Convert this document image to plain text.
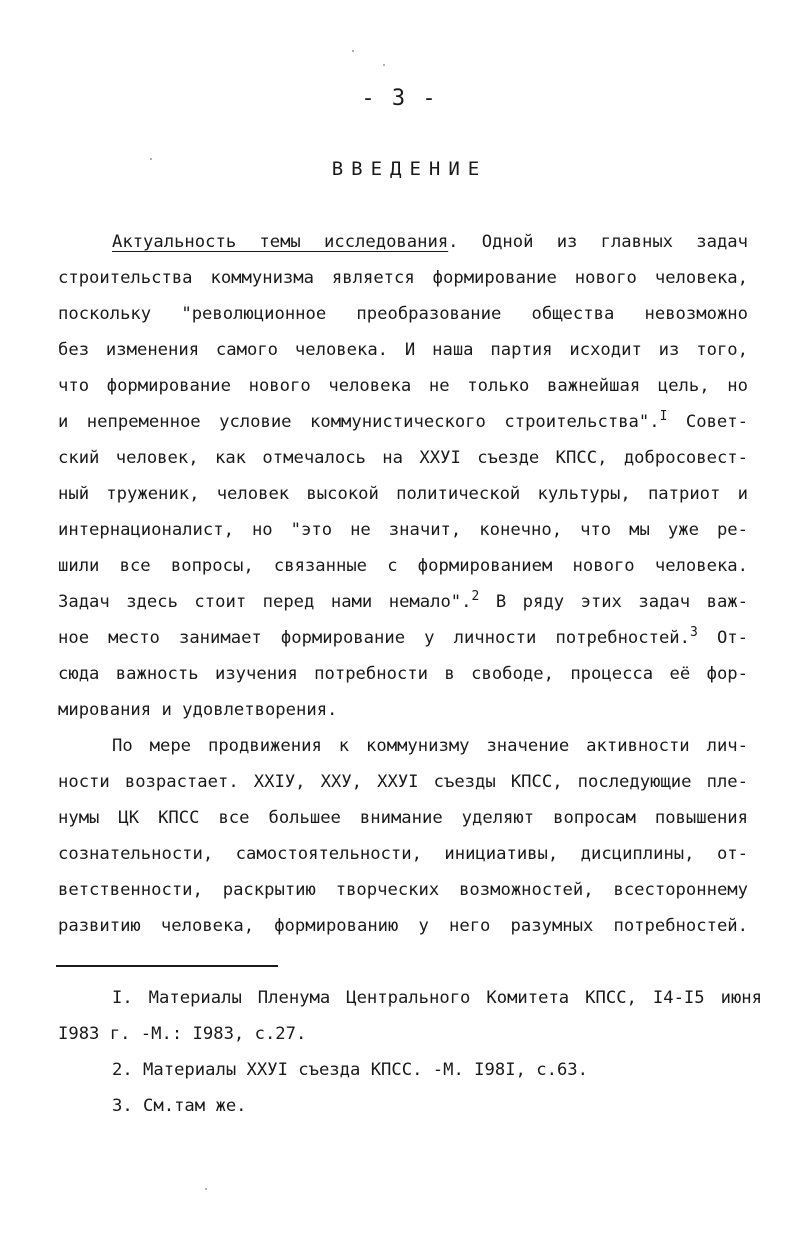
- 3 -
ВВЕДЕНИЕ
Актуальность темы исследования. Одной из главных задач
строительства коммунизма является формирование нового человека,
поскольку "революционное преобразование общества невозможно
без изменения самого человека. И наша партия исходит из того,
что формирование нового человека не только важнейшая цель, но
и непременное условие коммунистического строительства".$^I$ Совет-
ский человек, как отмечалось на XXУI съезде КПСС, добросовест-
ный труженик, человек высокой политической культуры, патриот и
интернационалист, но "это не значит, конечно, что мы уже ре-
шили все вопросы, связанные с формированием нового человека.
Задач здесь стоит перед нами немало".$^2$ В ряду этих задач важ-
ное место занимает формирование у личности потребностей.$^3$ От-
сюда важность изучения потребности в свободе, процесса её фор-
мирования и удовлетворения.
По мере продвижения к коммунизму значение активности лич-
ности возрастает. XXIУ, XXУ, XXУI съезды КПСС, последующие пле-
нумы ЦК КПСС все большее внимание уделяют вопросам повышения
сознательности, самостоятельности, инициативы, дисциплины, от-
ветственности, раскрытию творческих возможностей, всестороннему
развитию человека, формированию у него разумных потребностей.
I. Материалы Пленума Центрального Комитета КПСС, I4-I5 июня
I983 г. -М.: I983, с.27.
2. Материалы XXУI съезда КПСС. -М. I98I, с.63.
3. См.там же.
